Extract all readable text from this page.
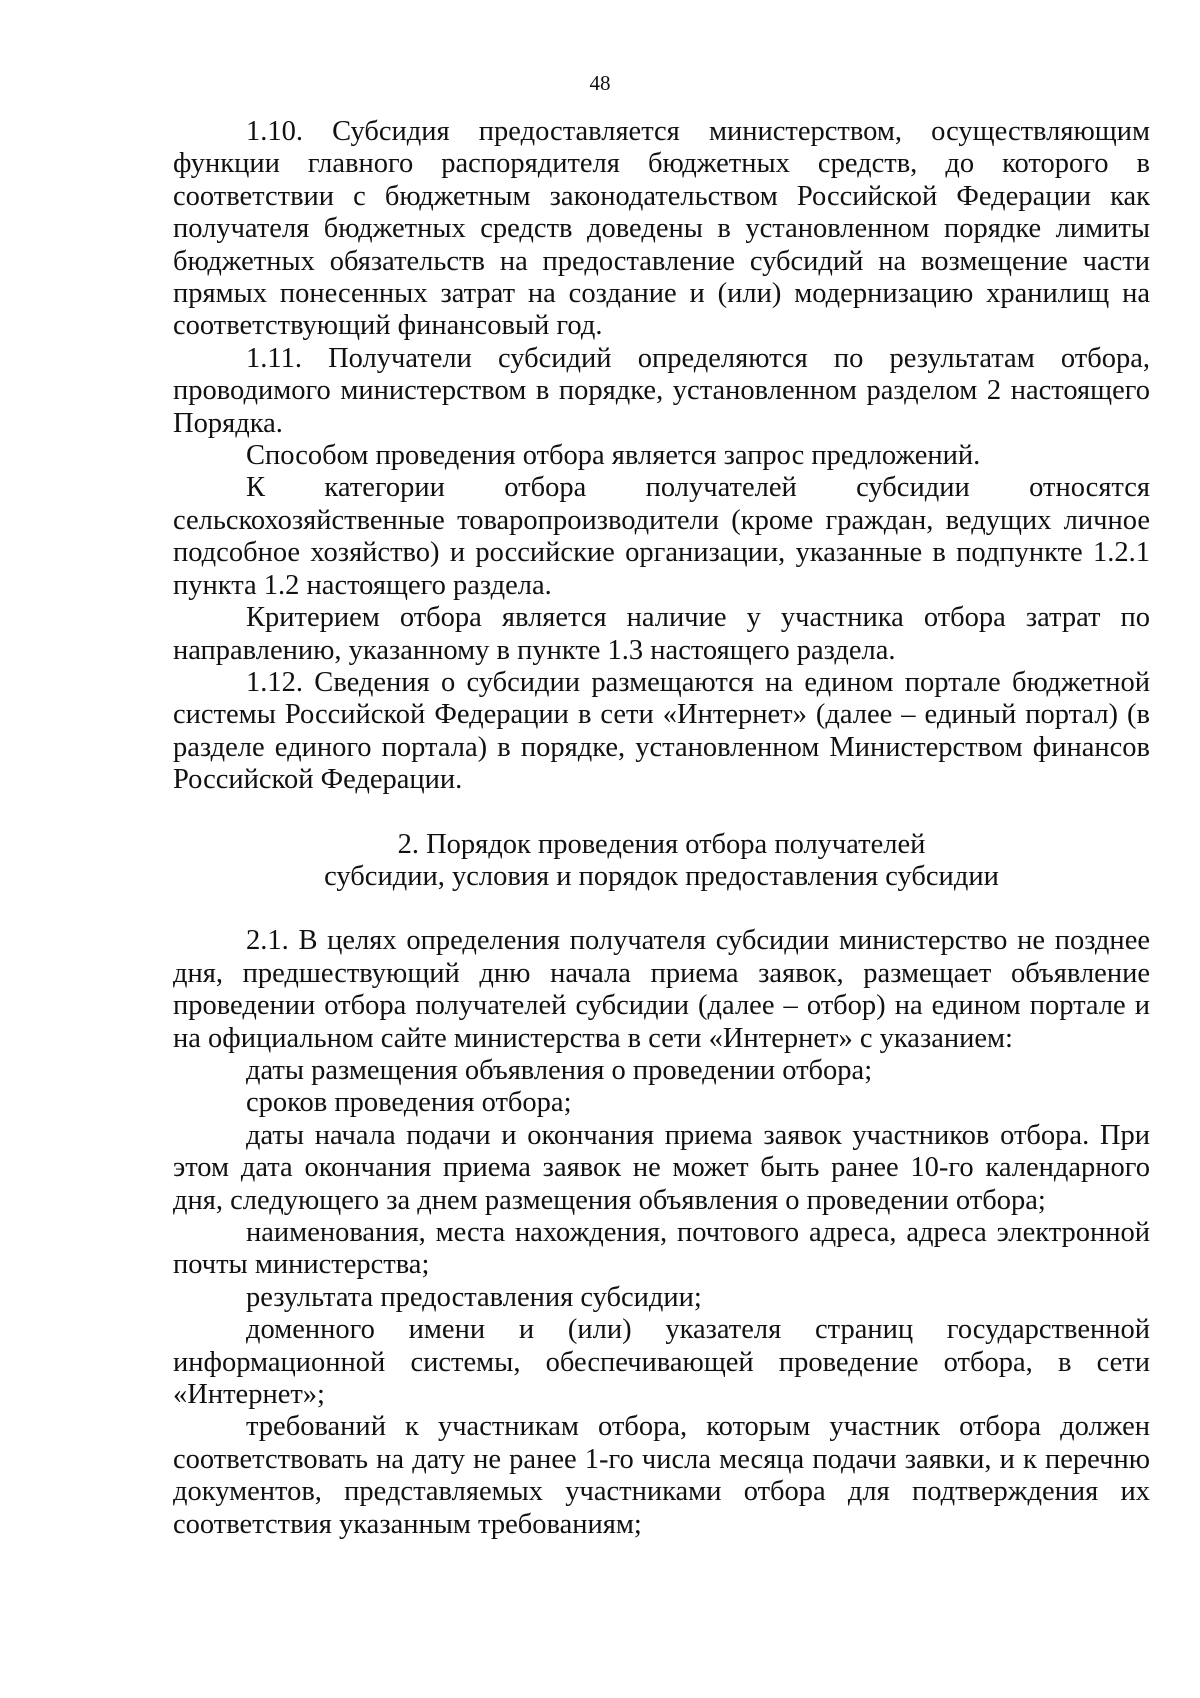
48

1.10. Субсидия предоставляется министерством, осуществляющим функции главного распорядителя бюджетных средств, до которого в соответствии с бюджетным законодательством Российской Федерации как получателя бюджетных средств доведены в установленном порядке лимиты бюджетных обязательств на предоставление субсидий на возмещение части прямых понесенных затрат на создание и (или) модернизацию хранилищ на соответствующий финансовый год.

1.11. Получатели субсидий определяются по результатам отбора, проводимого министерством в порядке, установленном разделом 2 настоящего Порядка.

Способом проведения отбора является запрос предложений.

К категории отбора получателей субсидии относятся сельскохозяйственные товаропроизводители (кроме граждан, ведущих личное подсобное хозяйство) и российские организации, указанные в подпункте 1.2.1 пункта 1.2 настоящего раздела.

Критерием отбора является наличие у участника отбора затрат по направлению, указанному в пункте 1.3 настоящего раздела.

1.12. Сведения о субсидии размещаются на едином портале бюджетной системы Российской Федерации в сети «Интернет» (далее – единый портал) (в разделе единого портала) в порядке, установленном Министерством финансов Российской Федерации.

2. Порядок проведения отбора получателей
субсидии, условия и порядок предоставления субсидии

2.1. В целях определения получателя субсидии министерство не позднее дня, предшествующий дню начала приема заявок, размещает объявление проведении отбора получателей субсидии (далее – отбор) на едином портале и на официальном сайте министерства в сети «Интернет» с указанием:

даты размещения объявления о проведении отбора;

сроков проведения отбора;

даты начала подачи и окончания приема заявок участников отбора. При этом дата окончания приема заявок не может быть ранее 10-го календарного дня, следующего за днем размещения объявления о проведении отбора;

наименования, места нахождения, почтового адреса, адреса электронной почты министерства;

результата предоставления субсидии;

доменного имени и (или) указателя страниц государственной информационной системы, обеспечивающей проведение отбора, в сети «Интернет»;

требований к участникам отбора, которым участник отбора должен соответствовать на дату не ранее 1-го числа месяца подачи заявки, и к перечню документов, представляемых участниками отбора для подтверждения их соответствия указанным требованиям;
